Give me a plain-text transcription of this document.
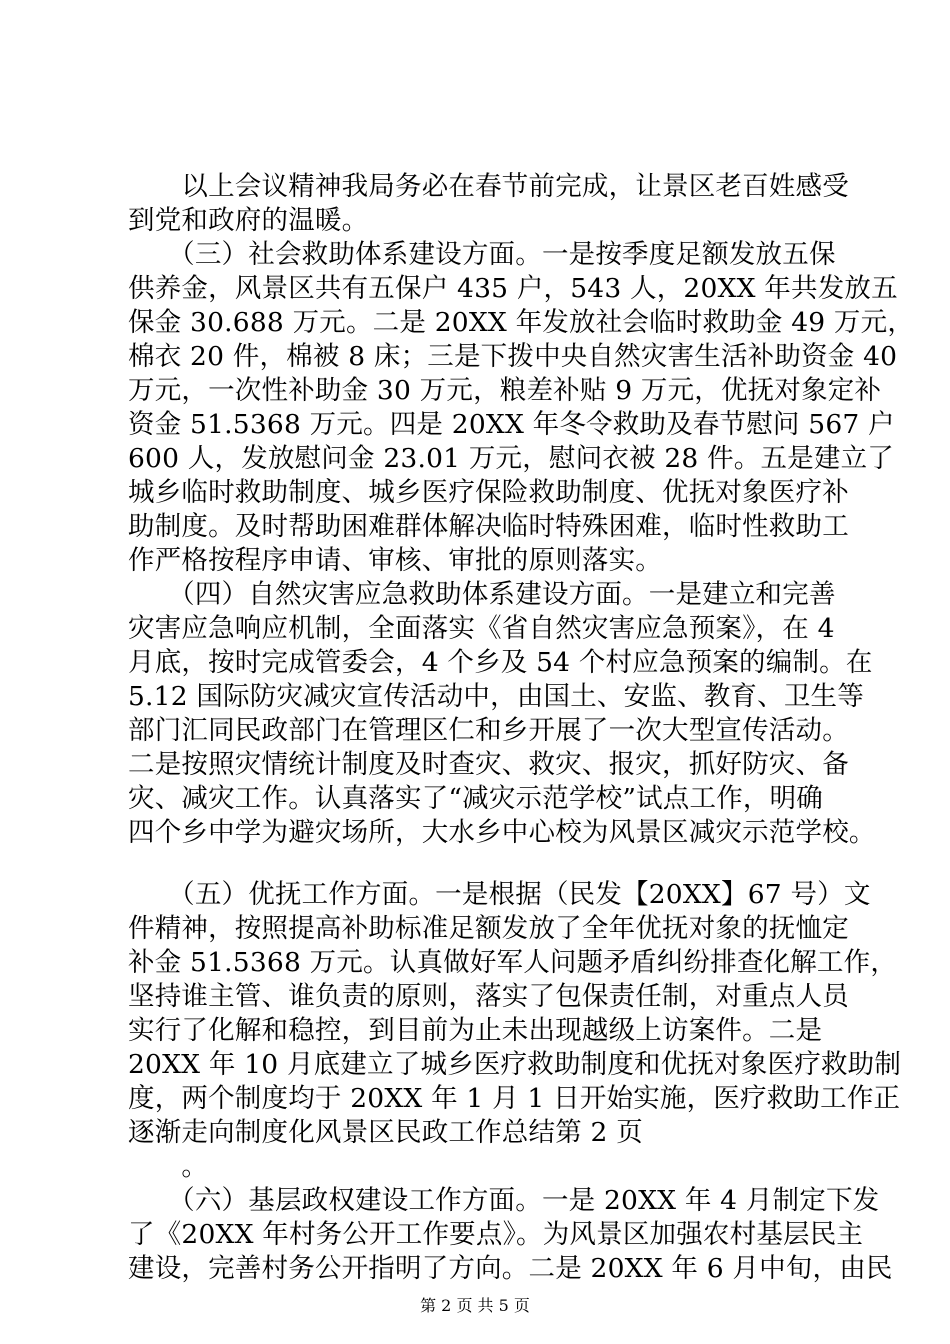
　　以上会议精神我局务必在春节前完成，让景区老百姓感受
到党和政府的温暖。
　　（三）社会救助体系建设方面。一是按季度足额发放五保
供养金，风景区共有五保户 435 户，543 人，20XX 年共发放五
保金 30.688 万元。二是 20XX 年发放社会临时救助金 49 万元，
棉衣 20 件，棉被 8 床；三是下拨中央自然灾害生活补助资金 40
万元，一次性补助金 30 万元，粮差补贴 9 万元，优抚对象定补
资金 51.5368 万元。四是 20XX 年冬令救助及春节慰问 567 户
600 人，发放慰问金 23.01 万元，慰问衣被 28 件。五是建立了
城乡临时救助制度、城乡医疗保险救助制度、优抚对象医疗补
助制度。及时帮助困难群体解决临时特殊困难，临时性救助工
作严格按程序申请、审核、审批的原则落实。
　　（四）自然灾害应急救助体系建设方面。一是建立和完善
灾害应急响应机制，全面落实《省自然灾害应急预案》，在 4
月底，按时完成管委会，4 个乡及 54 个村应急预案的编制。在
5.12 国际防灾减灾宣传活动中，由国土、安监、教育、卫生等
部门汇同民政部门在管理区仁和乡开展了一次大型宣传活动。
二是按照灾情统计制度及时查灾、救灾、报灾，抓好防灾、备
灾、减灾工作。认真落实了“减灾示范学校”试点工作，明确
四个乡中学为避灾场所，大水乡中心校为风景区减灾示范学校。
　　（五）优抚工作方面。一是根据（民发【20XX】67 号）文
件精神，按照提高补助标准足额发放了全年优抚对象的抚恤定
补金 51.5368 万元。认真做好军人问题矛盾纠纷排查化解工作，
坚持谁主管、谁负责的原则，落实了包保责任制，对重点人员
实行了化解和稳控，到目前为止未出现越级上访案件。二是
20XX 年 10 月底建立了城乡医疗救助制度和优抚对象医疗救助制
度，两个制度均于 20XX 年 1 月 1 日开始实施，医疗救助工作正
逐渐走向制度化风景区民政工作总结第 2 页
　　。
　　（六）基层政权建设工作方面。一是 20XX 年 4 月制定下发
了《20XX 年村务公开工作要点》。为风景区加强农村基层民主
建设，完善村务公开指明了方向。二是 20XX 年 6 月中旬，由民
第 2 页 共 5 页
